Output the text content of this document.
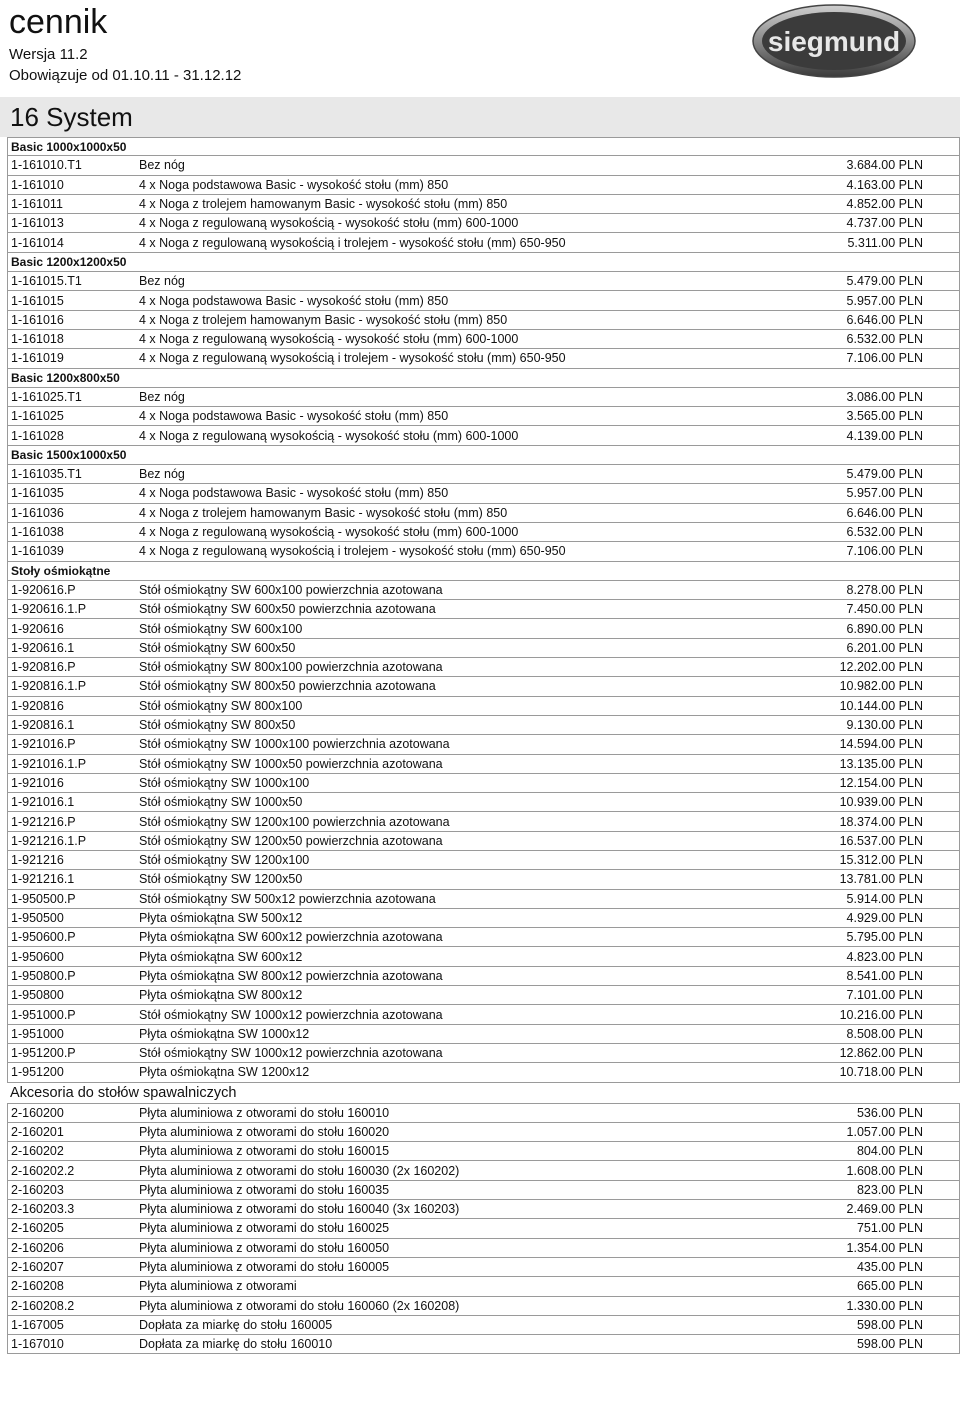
cennik
Wersja 11.2
Obowiązuje od 01.10.11 - 31.12.12
siegmund
16 System
Basic 1000x1000x50
1-161010.T1	Bez nóg	3.684.00 PLN
1-161010	4 x Noga podstawowa Basic - wysokość stołu (mm) 850	4.163.00 PLN
1-161011	4 x Noga z trolejem hamowanym Basic - wysokość stołu (mm) 850	4.852.00 PLN
1-161013	4 x Noga z regulowaną wysokością - wysokość stołu (mm) 600-1000	4.737.00 PLN
1-161014	4 x Noga z regulowaną wysokością i trolejem - wysokość stołu (mm) 650-950	5.311.00 PLN
Basic 1200x1200x50
1-161015.T1	Bez nóg	5.479.00 PLN
1-161015	4 x Noga podstawowa Basic - wysokość stołu (mm) 850	5.957.00 PLN
1-161016	4 x Noga z trolejem hamowanym Basic - wysokość stołu (mm) 850	6.646.00 PLN
1-161018	4 x Noga z regulowaną wysokością - wysokość stołu (mm) 600-1000	6.532.00 PLN
1-161019	4 x Noga z regulowaną wysokością i trolejem - wysokość stołu (mm) 650-950	7.106.00 PLN
Basic 1200x800x50
1-161025.T1	Bez nóg	3.086.00 PLN
1-161025	4 x Noga podstawowa Basic - wysokość stołu (mm) 850	3.565.00 PLN
1-161028	4 x Noga z regulowaną wysokością - wysokość stołu (mm) 600-1000	4.139.00 PLN
Basic 1500x1000x50
1-161035.T1	Bez nóg	5.479.00 PLN
1-161035	4 x Noga podstawowa Basic - wysokość stołu (mm) 850	5.957.00 PLN
1-161036	4 x Noga z trolejem hamowanym Basic - wysokość stołu (mm) 850	6.646.00 PLN
1-161038	4 x Noga z regulowaną wysokością - wysokość stołu (mm) 600-1000	6.532.00 PLN
1-161039	4 x Noga z regulowaną wysokością i trolejem - wysokość stołu (mm) 650-950	7.106.00 PLN
Stoły ośmiokątne
1-920616.P	Stół ośmiokątny SW 600x100 powierzchnia azotowana	8.278.00 PLN
1-920616.1.P	Stół ośmiokątny SW 600x50 powierzchnia azotowana	7.450.00 PLN
1-920616	Stół ośmiokątny SW 600x100	6.890.00 PLN
1-920616.1	Stół ośmiokątny SW 600x50	6.201.00 PLN
1-920816.P	Stół ośmiokątny SW 800x100 powierzchnia azotowana	12.202.00 PLN
1-920816.1.P	Stół ośmiokątny SW 800x50 powierzchnia azotowana	10.982.00 PLN
1-920816	Stół ośmiokątny SW 800x100	10.144.00 PLN
1-920816.1	Stół ośmiokątny SW 800x50	9.130.00 PLN
1-921016.P	Stół ośmiokątny SW 1000x100 powierzchnia azotowana	14.594.00 PLN
1-921016.1.P	Stół ośmiokątny SW 1000x50 powierzchnia azotowana	13.135.00 PLN
1-921016	Stół ośmiokątny SW 1000x100	12.154.00 PLN
1-921016.1	Stół ośmiokątny SW 1000x50	10.939.00 PLN
1-921216.P	Stół ośmiokątny SW 1200x100 powierzchnia azotowana	18.374.00 PLN
1-921216.1.P	Stół ośmiokątny SW 1200x50 powierzchnia azotowana	16.537.00 PLN
1-921216	Stół ośmiokątny SW 1200x100	15.312.00 PLN
1-921216.1	Stół ośmiokątny SW 1200x50	13.781.00 PLN
1-950500.P	Stół ośmiokątny SW 500x12 powierzchnia azotowana	5.914.00 PLN
1-950500	Płyta ośmiokątna SW 500x12	4.929.00 PLN
1-950600.P	Płyta ośmiokątna SW 600x12 powierzchnia azotowana	5.795.00 PLN
1-950600	Płyta ośmiokątna SW 600x12	4.823.00 PLN
1-950800.P	Płyta ośmiokątna SW 800x12 powierzchnia azotowana	8.541.00 PLN
1-950800	Płyta ośmiokątna SW 800x12	7.101.00 PLN
1-951000.P	Stół ośmiokątny SW 1000x12 powierzchnia azotowana	10.216.00 PLN
1-951000	Płyta ośmiokątna SW 1000x12	8.508.00 PLN
1-951200.P	Stół ośmiokątny SW 1000x12 powierzchnia azotowana	12.862.00 PLN
1-951200	Płyta ośmiokątna SW 1200x12	10.718.00 PLN
Akcesoria do stołów spawalniczych
2-160200	Płyta aluminiowa z otworami do stołu 160010	536.00 PLN
2-160201	Płyta aluminiowa z otworami do stołu 160020	1.057.00 PLN
2-160202	Płyta aluminiowa z otworami do stołu 160015	804.00 PLN
2-160202.2	Płyta aluminiowa z otworami do stołu 160030 (2x 160202)	1.608.00 PLN
2-160203	Płyta aluminiowa z otworami do stołu 160035	823.00 PLN
2-160203.3	Płyta aluminiowa z otworami do stołu 160040 (3x 160203)	2.469.00 PLN
2-160205	Płyta aluminiowa z otworami do stołu 160025	751.00 PLN
2-160206	Płyta aluminiowa z otworami do stołu 160050	1.354.00 PLN
2-160207	Płyta aluminiowa z otworami do stołu 160005	435.00 PLN
2-160208	Płyta aluminiowa z otworami	665.00 PLN
2-160208.2	Płyta aluminiowa z otworami do stołu 160060 (2x 160208)	1.330.00 PLN
1-167005	Dopłata za miarkę do stołu 160005	598.00 PLN
1-167010	Dopłata za miarkę do stołu 160010	598.00 PLN
